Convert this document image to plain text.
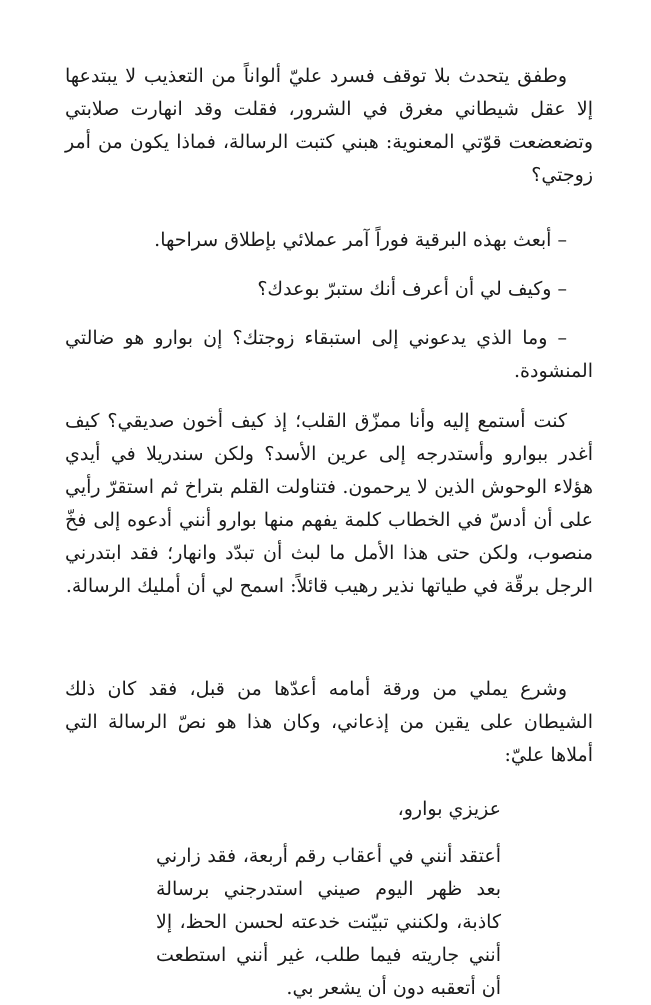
وطفق يتحدث بلا توقف فسرد عليّ ألواناً من التعذيب لا يبتدعها إلا عقل شيطاني مغرق في الشرور، فقلت وقد انهارت صلابتي وتضعضعت قوّتي المعنوية: هبني كتبت الرسالة، فماذا يكون من أمر زوجتي؟

– أبعث بهذه البرقية فوراً آمر عملائي بإطلاق سراحها.

– وكيف لي أن أعرف أنك ستبرّ بوعدك؟

– وما الذي يدعوني إلى استبقاء زوجتك؟ إن بوارو هو ضالتي المنشودة.

كنت أستمع إليه وأنا ممزّق القلب؛ إذ كيف أخون صديقي؟ كيف أغدر ببوارو وأستدرجه إلى عرين الأسد؟ ولكن سندريلا في أيدي هؤلاء الوحوش الذين لا يرحمون. فتناولت القلم بتراخ ثم استقرّ رأيي على أن أدسّ في الخطاب كلمة يفهم منها بوارو أنني أدعوه إلى فخّ منصوب، ولكن حتى هذا الأمل ما لبث أن تبدّد وانهار؛ فقد ابتدرني الرجل برقّة في طياتها نذير رهيب قائلاً: اسمح لي أن أمليك الرسالة.

وشرع يملي من ورقة أمامه أعدّها من قبل، فقد كان ذلك الشيطان على يقين من إذعاني، وكان هذا هو نصّ الرسالة التي أملاها عليّ:

عزيزي بوارو،

أعتقد أنني في أعقاب رقم أربعة، فقد زارني بعد ظهر اليوم صيني استدرجني برسالة كاذبة، ولكنني تبيّنت خدعته لحسن الحظ، إلا أنني جاريته فيما طلب، غير أنني استطعت أن أتعقبه دون أن يشعر بي.
